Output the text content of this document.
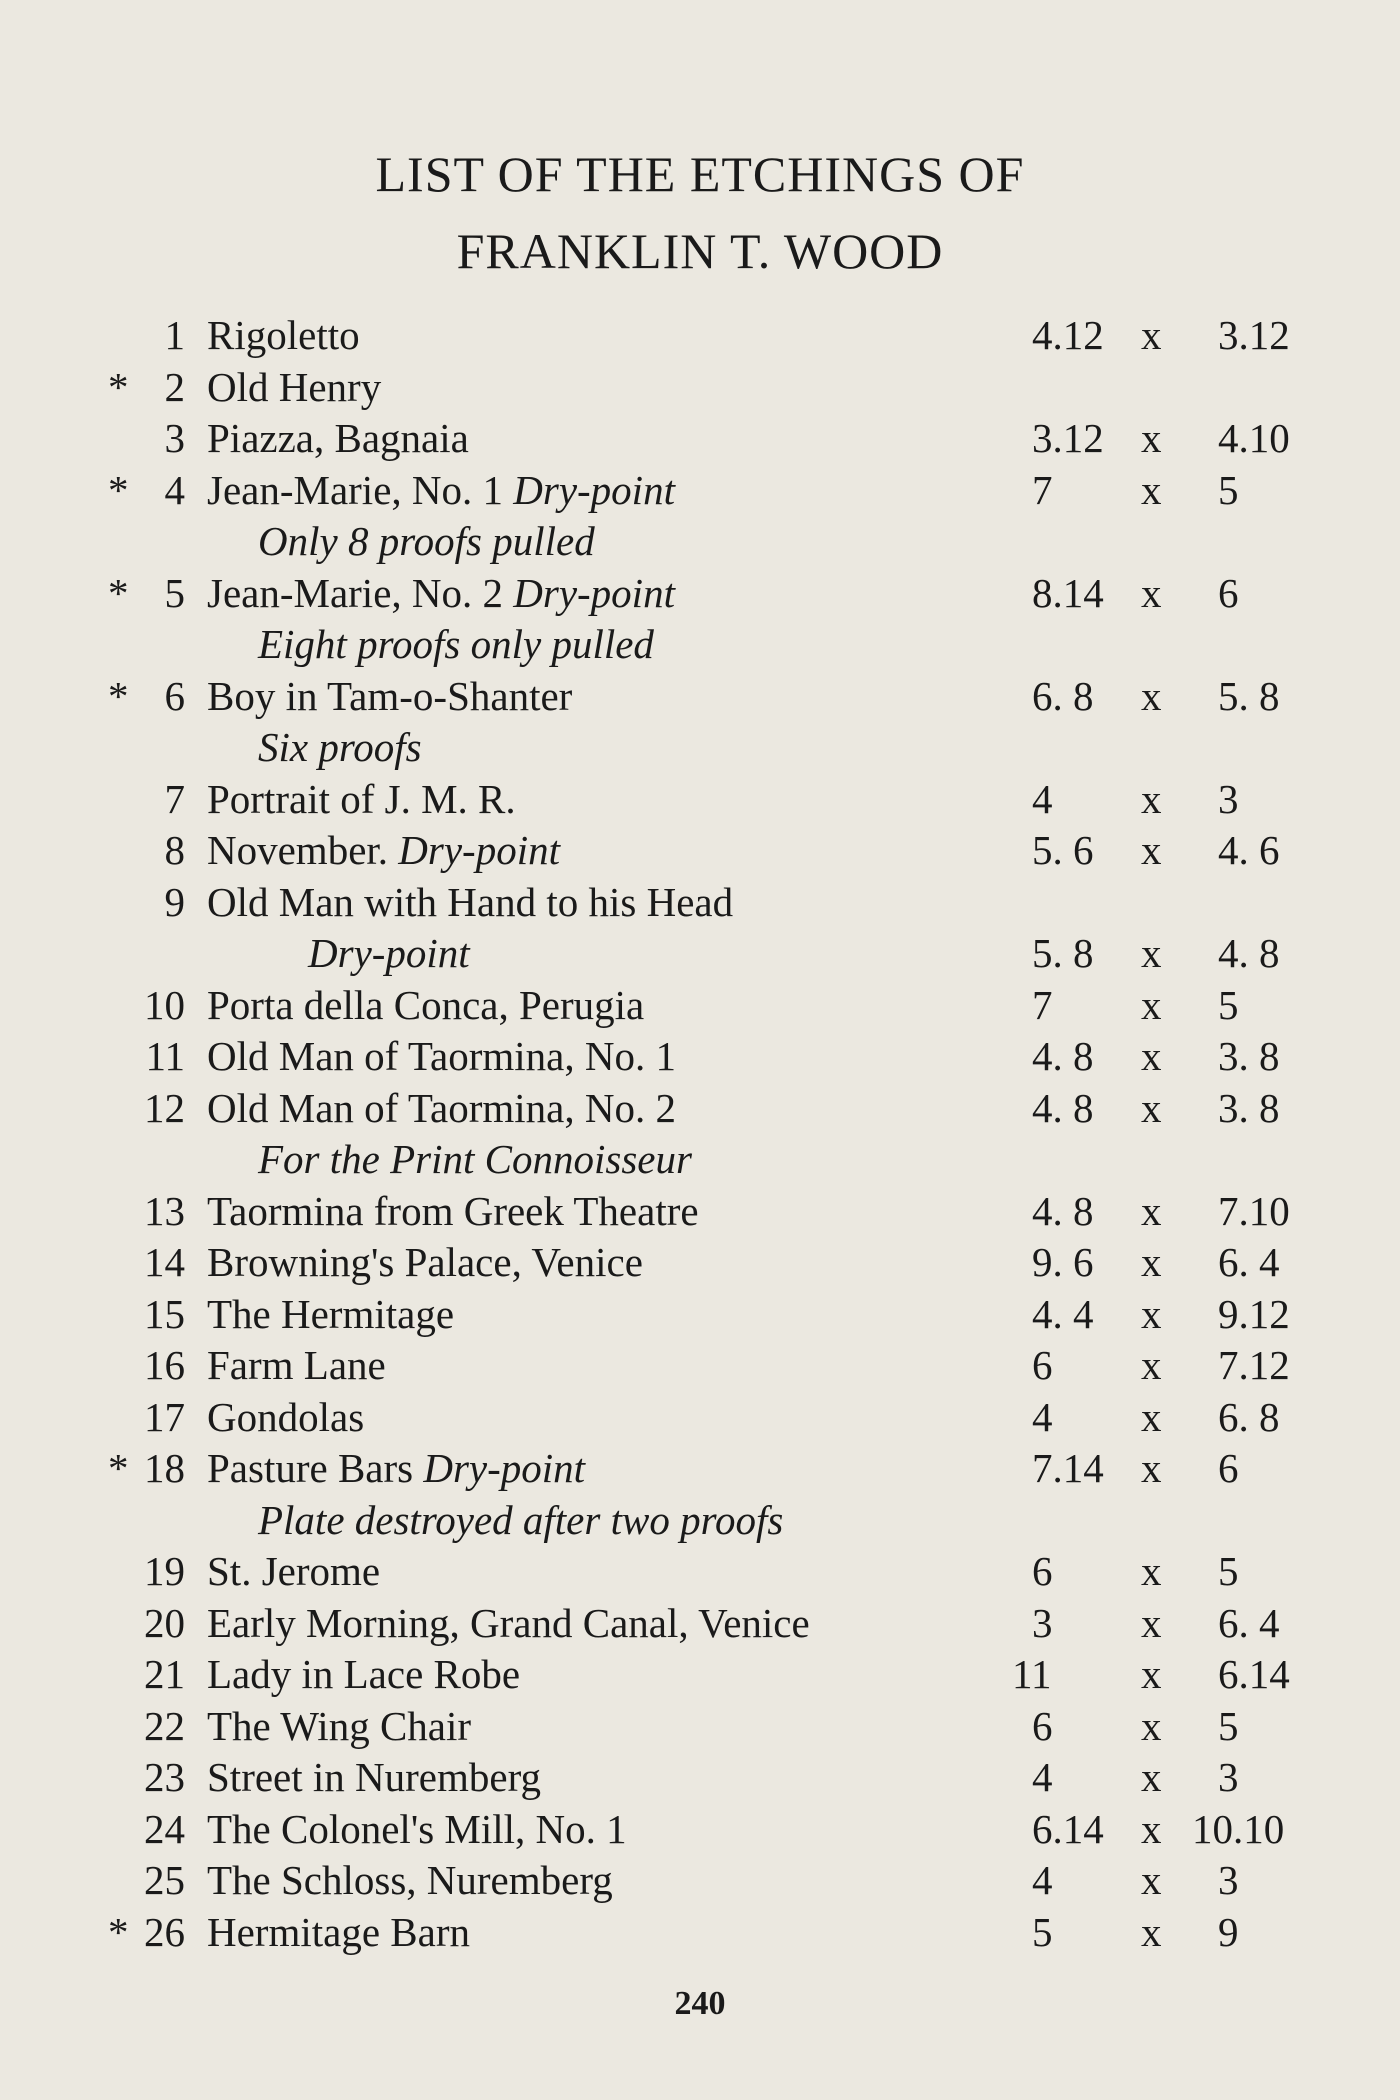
LIST OF THE ETCHINGS OF
FRANKLIN T. WOOD
1 Rigoletto	4.12 x 3.12
* 2 Old Henry
3 Piazza, Bagnaia	3.12 x 4.10
* 4 Jean-Marie, No. 1 Dry-point	7	x 5
Only 8 proofs pulled
* 5 Jean-Marie, No. 2 Dry-point	8.14 x 6
Eight proofs only pulled
* 6 Boy in Tam-o-Shanter	6. 8	x 5. 8
Six proofs
7 Portrait of J. M. R.	4	x 3
8 November. Dry-point	5. 6	x 4. 6
9 Old Man with Hand to his Head
Dry-point	5. 8	x 4. 8
10 Porta della Conca, Perugia	7	x 5
11 Old Man of Taormina, No. 1	4. 8	x 3. 8
12 Old Man of Taormina, No. 2	4. 8	x 3. 8
For the Print Connoisseur
13 Taormina from Greek Theatre	4. 8	x 7.10
14 Browning's Palace, Venice	9. 6	x 6. 4
15 The Hermitage	4. 4	x 9.12
16 Farm Lane	6	x 7.12
17 Gondolas	4	x 6. 8
* 18 Pasture Bars Dry-point	7.14 x 6
Plate destroyed after two proofs
19 St. Jerome	6	x 5
20 Early Morning, Grand Canal, Venice	3	x 6. 4
21 Lady in Lace Robe	11	x 6.14
22 The Wing Chair	6	x 5
23 Street in Nuremberg	4	x 3
24 The Colonel's Mill, No. 1	6.14 x 10.10
25 The Schloss, Nuremberg	4	x 3
* 26 Hermitage Barn	5	x 9
240
